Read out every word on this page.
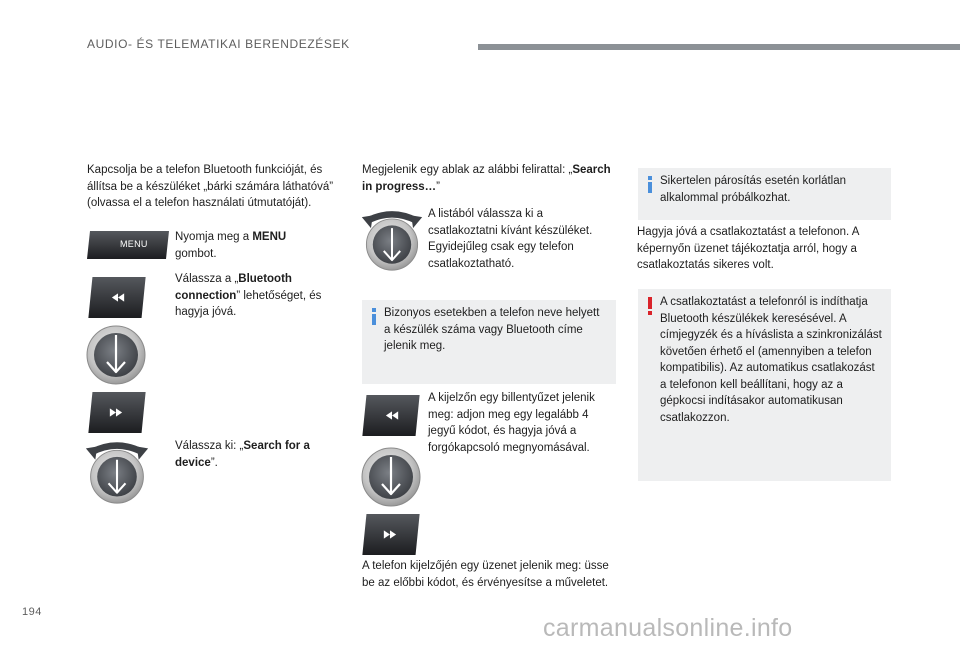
AUDIO- ÉS TELEMATIKAI BERENDEZÉSEK
Kapcsolja be a telefon Bluetooth funkcióját, és állítsa be a készüléket „bárki számára láthatóvá” (olvassa el a telefon használati útmutatóját).
MENU
Nyomja meg a MENU gombot.
Válassza a „Bluetooth connection” lehetőséget, és hagyja jóvá.
Válassza ki: „Search for a device”.
Megjelenik egy ablak az alábbi felirattal: „Search in progress…”
A listából válassza ki a csatlakoztatni kívánt készüléket. Egyidejűleg csak egy telefon csatlakoztatható.
Bizonyos esetekben a telefon neve helyett a készülék száma vagy Bluetooth címe jelenik meg.
A kijelzőn egy billentyűzet jelenik meg: adjon meg egy legalább 4 jegyű kódot, és hagyja jóvá a forgókapcsoló megnyomásával.
A telefon kijelzőjén egy üzenet jelenik meg: üsse be az előbbi kódot, és érvényesítse a műveletet.
Sikertelen párosítás esetén korlátlan alkalommal próbálkozhat.
Hagyja jóvá a csatlakoztatást a telefonon. A képernyőn üzenet tájékoztatja arról, hogy a csatlakoztatás sikeres volt.
A csatlakoztatást a telefonról is indíthatja Bluetooth készülékek keresésével. A címjegyzék és a híváslista a szinkronizálást követően érhető el (amennyiben a telefon kompatibilis). Az automatikus csatlakozást a telefonon kell beállítani, hogy az a gépkocsi indításakor automatikusan csatlakozzon.
194
carmanualsonline.info
